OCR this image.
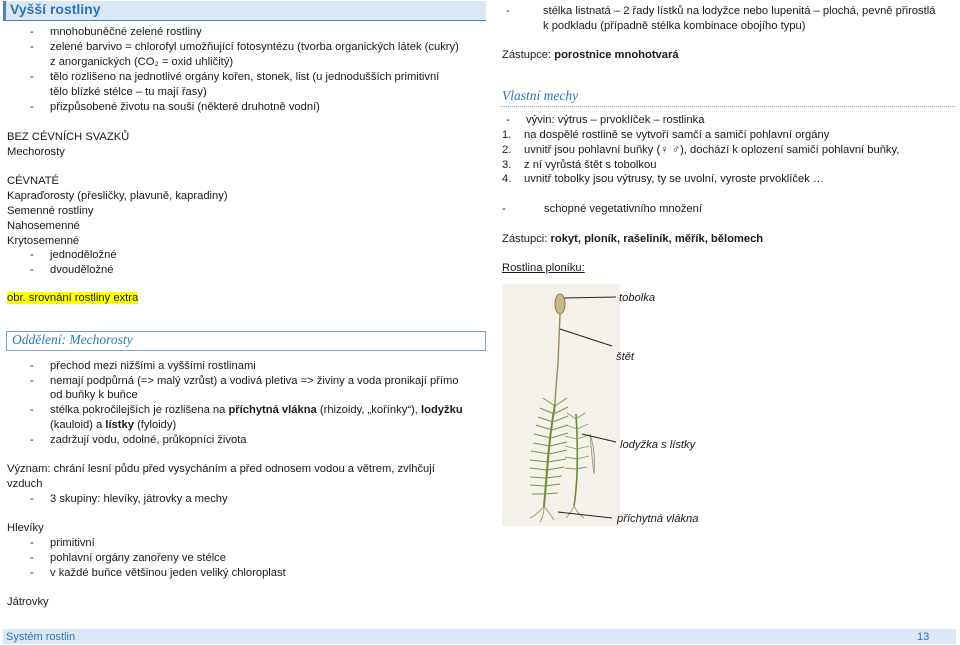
Vyšší rostliny
- mnohobuněčné zelené rostliny
- zelené barvivo = chlorofyl umožňující fotosyntézu (tvorba organických látek (cukry)
z anorganických (CO₂ = oxid uhličitý)
- tělo rozlišeno na jednotlivé orgány kořen, stonek, list (u jednodušších primitivní
tělo blízké stélce – tu mají řasy)
- přizpůsobené životu na souši (některé druhotně vodní)
BEZ CÉVNÍCH SVAZKŮ
Mechorosty
CÉVNATÉ
Kapraďorosty (přesličky, plavuně, kapradiny)
Semenné rostliny
Nahosemenné
Krytosemenné
- jednoděložné
- dvouděložné
obr. srovnání rostliny extra
Oddělení: Mechorosty
- přechod mezi nižšími a vyššími rostlinami
- nemají podpůrná (=> malý vzrůst) a vodivá pletiva => živiny a voda pronikají přímo
od buňky k buňce
- stélka pokročilejších je rozlišena na příchytná vlákna (rhizoidy, „kořínky“), lodyžku
(kauloid) a lístky (fyloidy)
- zadržují vodu, odolné, průkopníci života
Význam: chrání lesní půdu před vysycháním a před odnosem vodou a větrem, zvlhčují
vzduch
- 3 skupiny: hlevíky, játrovky a mechy
Hlevíky
- primitivní
- pohlavní orgány zanořeny ve stélce
- v každé buňce většinou jeden veliký chloroplast
Játrovky
-	stélka listnatá – 2 řady lístků na lodyžce nebo lupenitá – plochá, pevně přirostlá
k podkladu (případně stélka kombinace obojího typu)
Zástupce: porostnice mnohotvará
Vlastní mechy
- vývin: výtrus – prvoklíček – rostlinka
1. na dospělé rostlině se vytvoří samčí a samičí pohlavní orgány
2. uvnitř jsou pohlavní buňky (♀ ♂), dochází k oplození samičí pohlavní buňky,
3. z ní vyrůstá štět s tobolkou
4. uvnitř tobolky jsou výtrusy, ty se uvolní, vyroste prvoklíček …
-	schopné vegetativního množení
Zástupci: rokyt, ploník, rašeliník, měřík, bělomech
Rostlina ploníku:
tobolka
štět
lodyžka s lístky
příchytná vlákna
Systém rostlin	13
